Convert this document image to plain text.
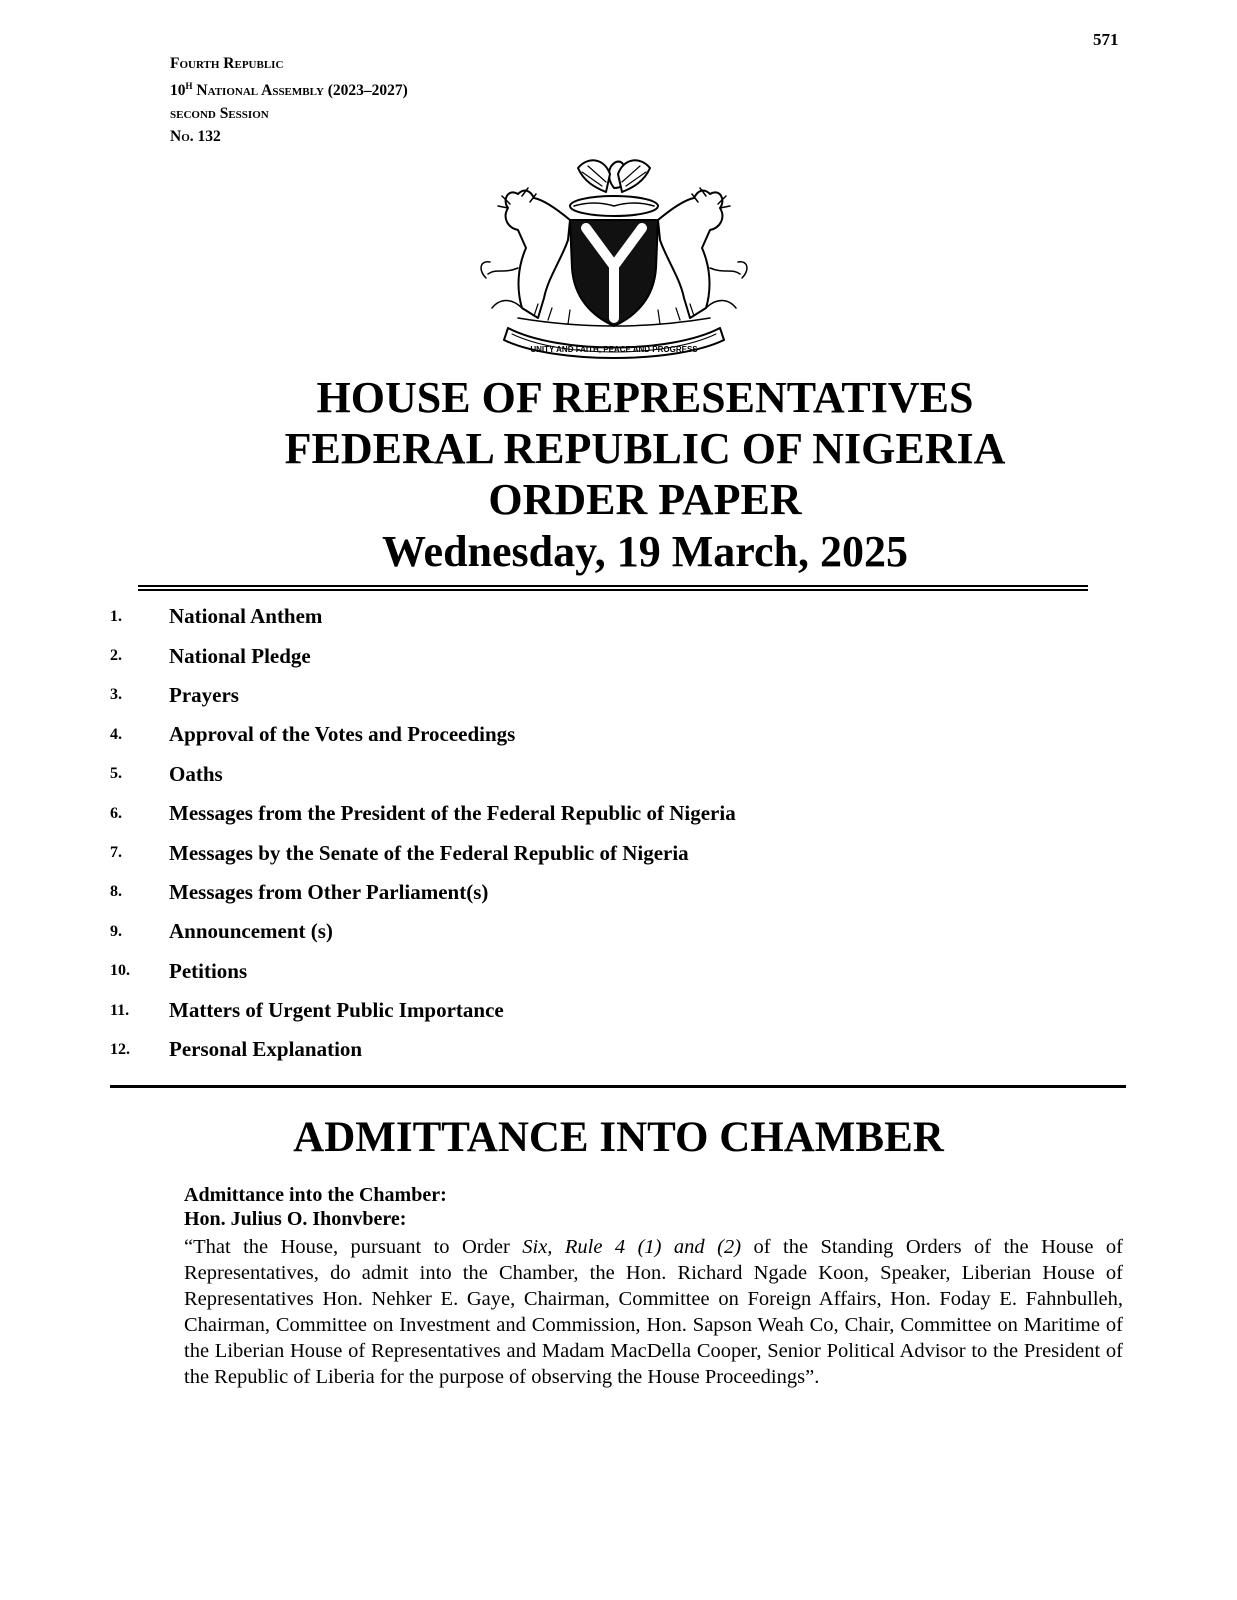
571
Fourth Republic
$10^H$ National Assembly (2023–2027)
second Session
No. 132
UNITY AND FAITH, PEACE AND PROGRESS
HOUSE OF REPRESENTATIVES
FEDERAL REPUBLIC OF NIGERIA
ORDER PAPER
Wednesday, 19 March, 2025
1.	National Anthem
2.	National Pledge
3.	Prayers
4.	Approval of the Votes and Proceedings
5.	Oaths
6.	Messages from the President of the Federal Republic of Nigeria
7.	Messages by the Senate of the Federal Republic of Nigeria
8.	Messages from Other Parliament(s)
9.	Announcement (s)
10.	Petitions
11.	Matters of Urgent Public Importance
12.	Personal Explanation
ADMITTANCE INTO CHAMBER
Admittance into the Chamber:
Hon. Julius O. Ihonvbere:

“That the House, pursuant to Order Six, Rule 4 (1) and (2) of the Standing Orders of the House of Representatives, do admit into the Chamber, the Hon. Richard Ngade Koon, Speaker, Liberian House of Representatives Hon. Nehker E. Gaye, Chairman, Committee on Foreign Affairs, Hon. Foday E. Fahnbulleh, Chairman, Committee on Investment and Commission, Hon. Sapson Weah Co, Chair, Committee on Maritime of the Liberian House of Representatives and Madam MacDella Cooper, Senior Political Advisor to the President of the Republic of Liberia for the purpose of observing the House Proceedings”.
